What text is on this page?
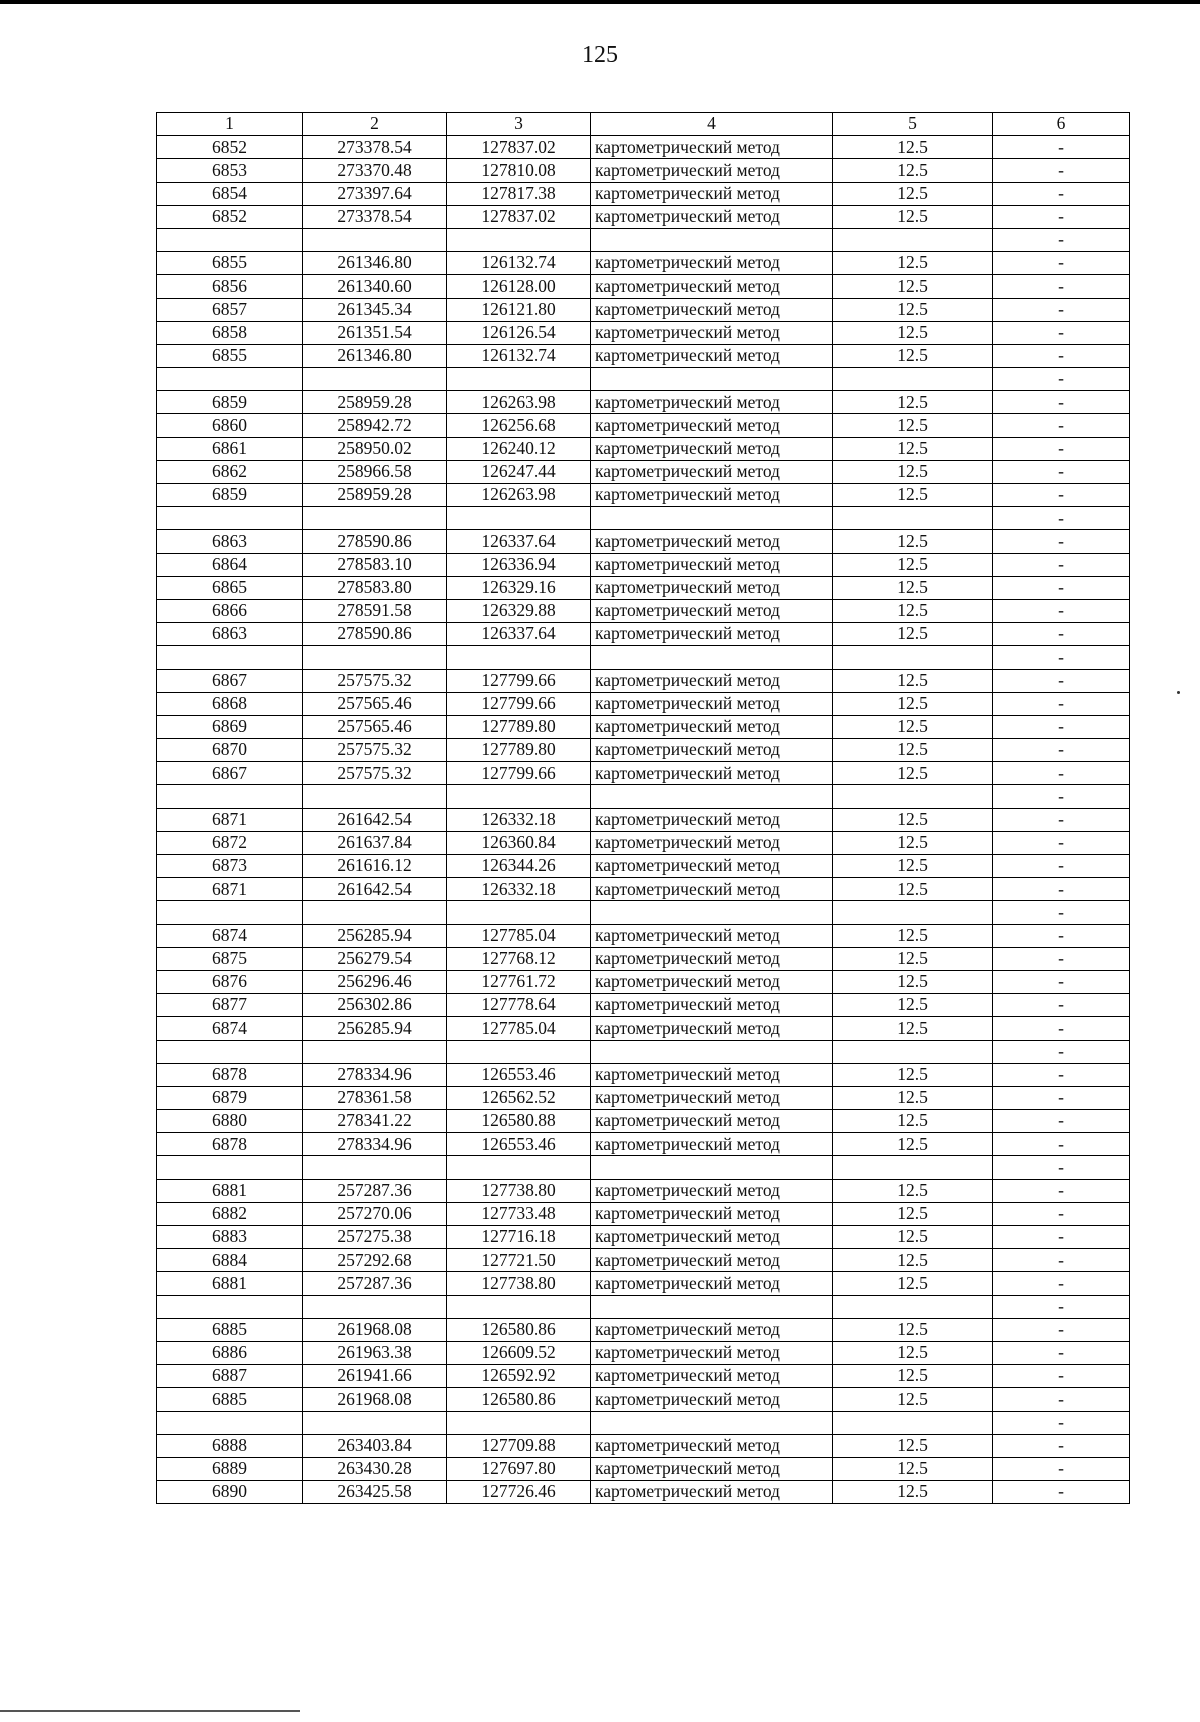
125
1	2	3	4	5	6
6852	273378.54	127837.02	картометрический метод	12.5	-
6853	273370.48	127810.08	картометрический метод	12.5	-
6854	273397.64	127817.38	картометрический метод	12.5	-
6852	273378.54	127837.02	картометрический метод	12.5	-
					-
6855	261346.80	126132.74	картометрический метод	12.5	-
6856	261340.60	126128.00	картометрический метод	12.5	-
6857	261345.34	126121.80	картометрический метод	12.5	-
6858	261351.54	126126.54	картометрический метод	12.5	-
6855	261346.80	126132.74	картометрический метод	12.5	-
					-
6859	258959.28	126263.98	картометрический метод	12.5	-
6860	258942.72	126256.68	картометрический метод	12.5	-
6861	258950.02	126240.12	картометрический метод	12.5	-
6862	258966.58	126247.44	картометрический метод	12.5	-
6859	258959.28	126263.98	картометрический метод	12.5	-
					-
6863	278590.86	126337.64	картометрический метод	12.5	-
6864	278583.10	126336.94	картометрический метод	12.5	-
6865	278583.80	126329.16	картометрический метод	12.5	-
6866	278591.58	126329.88	картометрический метод	12.5	-
6863	278590.86	126337.64	картометрический метод	12.5	-
					-
6867	257575.32	127799.66	картометрический метод	12.5	-
6868	257565.46	127799.66	картометрический метод	12.5	-
6869	257565.46	127789.80	картометрический метод	12.5	-
6870	257575.32	127789.80	картометрический метод	12.5	-
6867	257575.32	127799.66	картометрический метод	12.5	-
					-
6871	261642.54	126332.18	картометрический метод	12.5	-
6872	261637.84	126360.84	картометрический метод	12.5	-
6873	261616.12	126344.26	картометрический метод	12.5	-
6871	261642.54	126332.18	картометрический метод	12.5	-
					-
6874	256285.94	127785.04	картометрический метод	12.5	-
6875	256279.54	127768.12	картометрический метод	12.5	-
6876	256296.46	127761.72	картометрический метод	12.5	-
6877	256302.86	127778.64	картометрический метод	12.5	-
6874	256285.94	127785.04	картометрический метод	12.5	-
					-
6878	278334.96	126553.46	картометрический метод	12.5	-
6879	278361.58	126562.52	картометрический метод	12.5	-
6880	278341.22	126580.88	картометрический метод	12.5	-
6878	278334.96	126553.46	картометрический метод	12.5	-
					-
6881	257287.36	127738.80	картометрический метод	12.5	-
6882	257270.06	127733.48	картометрический метод	12.5	-
6883	257275.38	127716.18	картометрический метод	12.5	-
6884	257292.68	127721.50	картометрический метод	12.5	-
6881	257287.36	127738.80	картометрический метод	12.5	-
					-
6885	261968.08	126580.86	картометрический метод	12.5	-
6886	261963.38	126609.52	картометрический метод	12.5	-
6887	261941.66	126592.92	картометрический метод	12.5	-
6885	261968.08	126580.86	картометрический метод	12.5	-
					-
6888	263403.84	127709.88	картометрический метод	12.5	-
6889	263430.28	127697.80	картометрический метод	12.5	-
6890	263425.58	127726.46	картометрический метод	12.5	-
